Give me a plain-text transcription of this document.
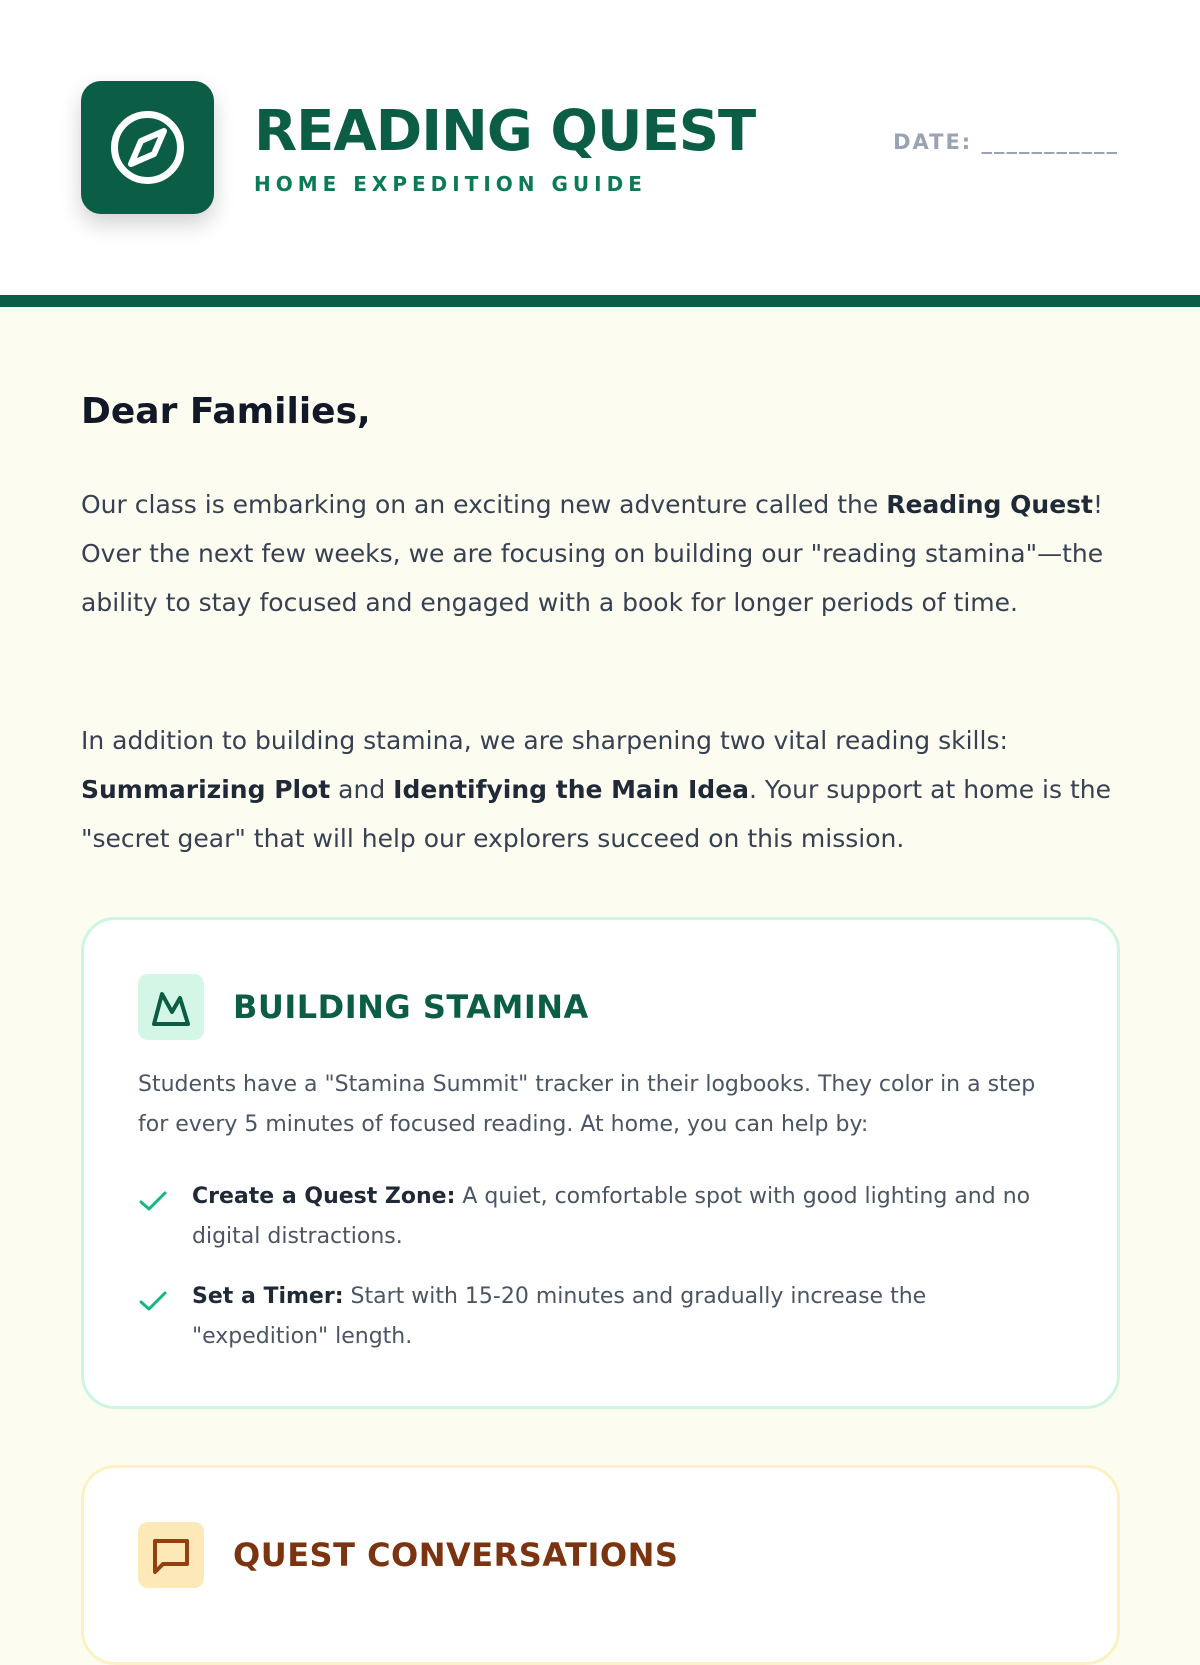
READING QUEST
HOME EXPEDITION GUIDE
DATE: ___________
Dear Families,

Our class is embarking on an exciting new adventure called the Reading Quest! Over the next few weeks, we are focusing on building our "reading stamina"—the ability to stay focused and engaged with a book for longer periods of time.

In addition to building stamina, we are sharpening two vital reading skills: Summarizing Plot and Identifying the Main Idea. Your support at home is the "secret gear" that will help our explorers succeed on this mission.

BUILDING STAMINA

Students have a "Stamina Summit" tracker in their logbooks. They color in a step for every 5 minutes of focused reading. At home, you can help by:

Create a Quest Zone: A quiet, comfortable spot with good lighting and no digital distractions.

Set a Timer: Start with 15-20 minutes and gradually increase the "expedition" length.

QUEST CONVERSATIONS
